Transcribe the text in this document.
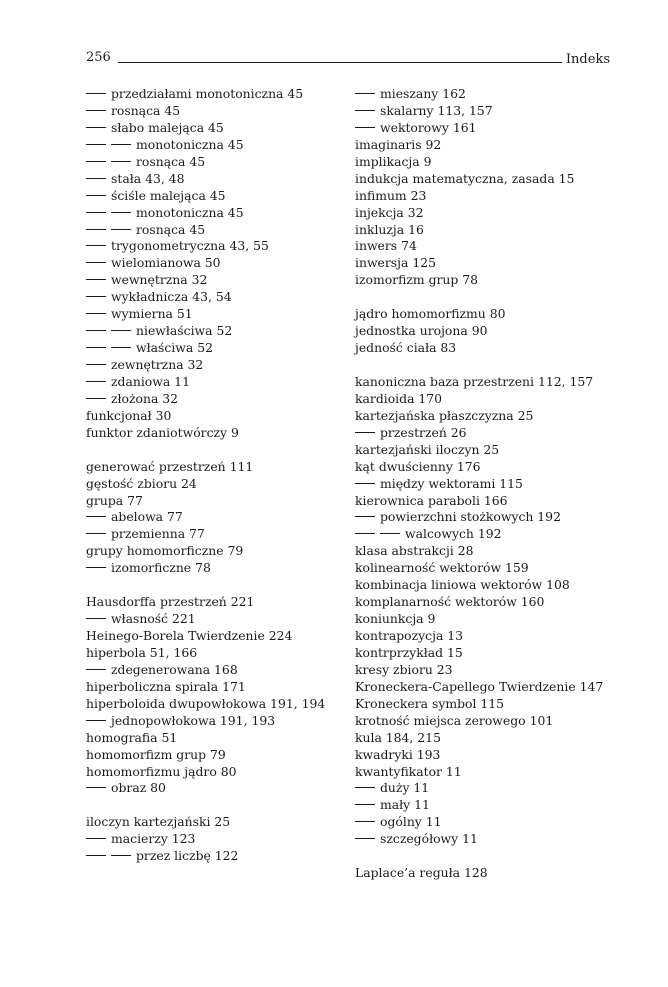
256	Indeks
przedziałami monotoniczna 45
rosnąca 45
słabo malejąca 45
monotoniczna 45
rosnąca 45
stała 43, 48
ściśle malejąca 45
monotoniczna 45
rosnąca 45
trygonometryczna 43, 55
wielomianowa 50
wewnętrzna 32
wykładnicza 43, 54
wymierna 51
niewłaściwa 52
właściwa 52
zewnętrzna 32
zdaniowa 11
złożona 32
funkcjonał 30
funktor zdaniotwórczy 9
generować przestrzeń 111
gęstość zbioru 24
grupa 77
abelowa 77
przemienna 77
grupy homomorficzne 79
izomorficzne 78
Hausdorffa przestrzeń 221
własność 221
Heinego-Borela Twierdzenie 224
hiperbola 51, 166
zdegenerowana 168
hiperboliczna spirala 171
hiperboloida dwupowłokowa 191, 194
jednopowłokowa 191, 193
homografia 51
homomorfizm grup 79
homomorfizmu jądro 80
obraz 80
iloczyn kartezjański 25
macierzy 123
przez liczbę 122
mieszany 162
skalarny 113, 157
wektorowy 161
imaginaris 92
implikacja 9
indukcja matematyczna, zasada 15
infimum 23
injekcja 32
inkluzja 16
inwers 74
inwersja 125
izomorfizm grup 78
jądro homomorfizmu 80
jednostka urojona 90
jedność ciała 83
kanoniczna baza przestrzeni 112, 157
kardioida 170
kartezjańska płaszczyzna 25
przestrzeń 26
kartezjański iloczyn 25
kąt dwuścienny 176
między wektorami 115
kierownica paraboli 166
powierzchni stożkowych 192
walcowych 192
klasa abstrakcji 28
kolinearność wektorów 159
kombinacja liniowa wektorów 108
komplanarność wektorów 160
koniunkcja 9
kontrapozycja 13
kontrprzykład 15
kresy zbioru 23
Kroneckera-Capellego Twierdzenie 147
Kroneckera symbol 115
krotność miejsca zerowego 101
kula 184, 215
kwadryki 193
kwantyfikator 11
duży 11
mały 11
ogólny 11
szczegółowy 11
Laplace’a reguła 128
